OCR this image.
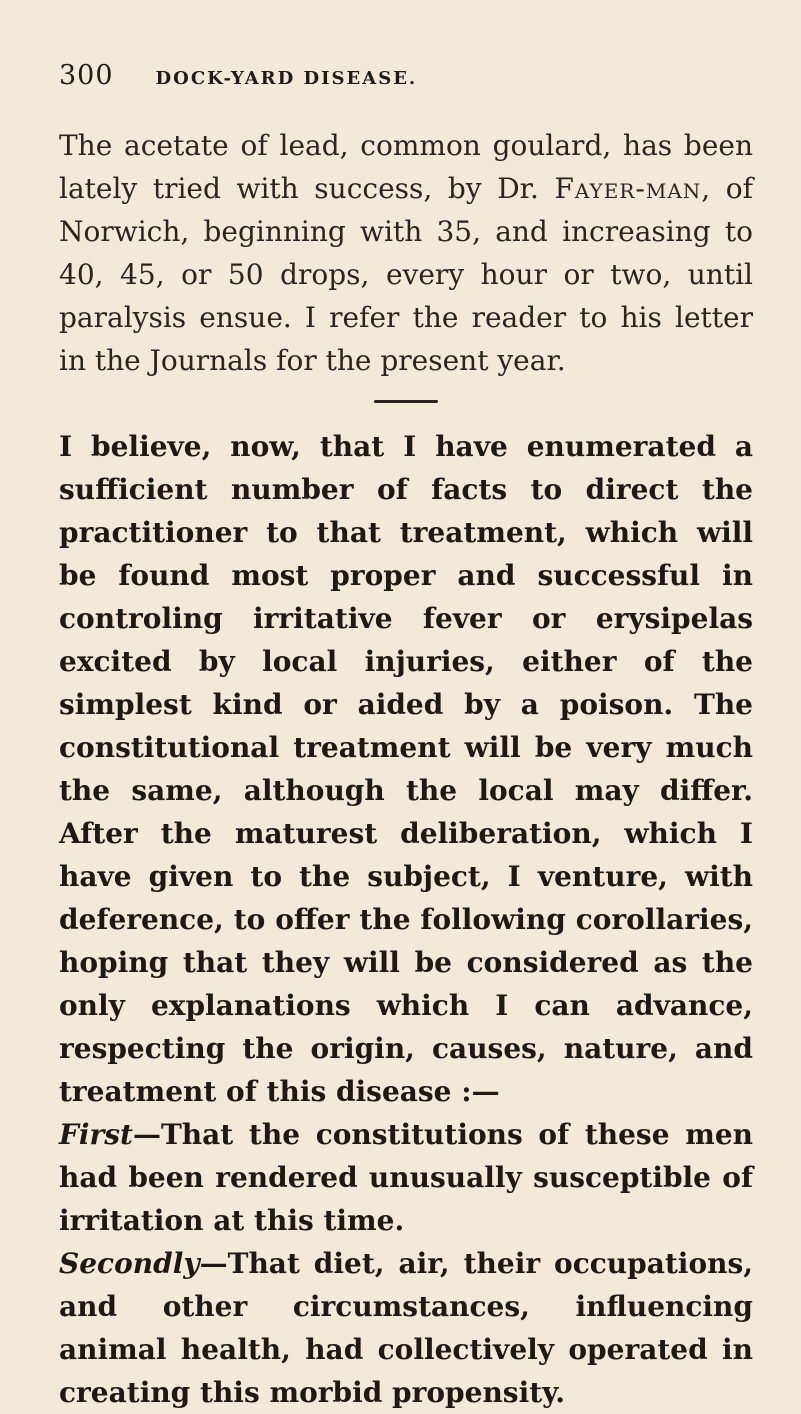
300 DOCK-YARD DISEASE.

The acetate of lead, common goulard, has been lately tried with success, by Dr. Fayer-man, of Norwich, beginning with 35, and increasing to 40, 45, or 50 drops, every hour or two, until paralysis ensue. I refer the reader to his letter in the Journals for the present year.

I believe, now, that I have enumerated a sufficient number of facts to direct the practitioner to that treatment, which will be found most proper and successful in controling irritative fever or erysipelas excited by local injuries, either of the simplest kind or aided by a poison. The constitutional treatment will be very much the same, although the local may differ. After the maturest deliberation, which I have given to the subject, I venture, with deference, to offer the following corollaries, hoping that they will be considered as the only explanations which I can advance, respecting the origin, causes, nature, and treatment of this disease :—

First—That the constitutions of these men had been rendered unusually susceptible of irritation at this time.

Secondly—That diet, air, their occupations, and other circumstances, influencing animal health, had collectively operated in creating this morbid propensity.
